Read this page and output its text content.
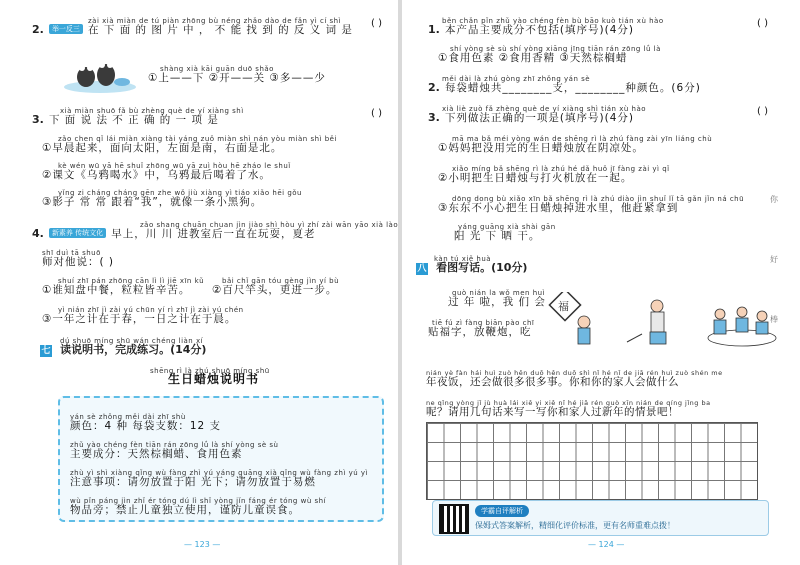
zài xià miàn de tú piàn zhōng bù néng zhǎo dào de fǎn yì cí shì
2. 举一反三 在 下 面 的 图 片 中 ， 不 能 找 到 的 反 义 词 是
( )
shàng xià kāi guān duō shǎo
①上——下 ②开——关 ③多——少
xià miàn shuō fǎ bù zhèng què de yí xiàng shì
3. 下 面 说 法 不 正 确 的 一 项 是
( )
zǎo chen qǐ lái miàn xiàng tài yáng zuǒ miàn shì nán yòu miàn shì běi
①早晨起来，面向太阳，左面是南，右面是北。
kè wén wū yā hē shuǐ zhōng wū yā zuì hòu hē zháo le shuǐ
②课文《乌鸦喝水》中，乌鸦最后喝着了水。
yǐng zi cháng cháng gēn zhe wǒ jiù xiàng yì tiáo xiǎo hēi gǒu
③影子 常 常 跟着“我”，就像一条小黑狗。
zǎo shang chuān chuan jìn jiào shì hòu yì zhí zài wān yāo xià lào
4. 新素养 传统文化 早上，川 川 进教室后一直在玩耍，夏老
shī duì tā shuō
师对他说：( )
shuí zhī pán zhōng cān lì lì jiē xīn kǔ
①谁知盘中餐，粒粒皆辛苦。
bǎi chǐ gān tóu gèng jìn yí bù
②百尺竿头，更进一步。
yì nián zhī jì zài yú chūn yí rì zhī jì zài yú chén
③一年之计在于春，一日之计在于晨。
dú shuō míng shū wán chéng liàn xí
七 读说明书，完成练习。(14分)
shēng rì là zhú shuō míng shū
生日蜡烛说明书
yán sè zhǒng měi dài zhī shù
颜色：4 种 每袋支数：12 支
zhǔ yào chéng fèn tiān rán zōng lǘ là shí yòng sè sù
主要成分：天然棕榈蜡、食用色素
zhù yì shì xiàng qǐng wù fàng zhì yú yáng guāng xià qǐng wù fàng zhì yú yì
注意事项：请勿放置于阳 光下；请勿放置于易燃
wù pǐn páng jìn zhǐ ér tóng dú lì shǐ yòng jǐn fáng ér tóng wù shí
物品旁；禁止儿童独立使用，谨防儿童误食。
— 123 —
běn chǎn pǐn zhǔ yào chéng fèn bù bāo kuò tián xù hào
1. 本产品主要成分不包括(填序号)(4分)
( )
shí yòng sè sù shí yòng xiāng jīng tiān rán zōng lǘ là
①食用色素 ②食用香精 ③天然棕榈蜡
měi dài là zhú gòng zhī zhǒng yán sè
2. 每袋蜡烛共________支，________种颜色。(6分)
xià liè zuò fǎ zhèng què de yí xiàng shì tián xù hào
3. 下列做法正确的一项是(填序号)(4分)
( )
mā ma bǎ méi yòng wán de shēng rì là zhú fàng zài yīn liáng chù
①妈妈把没用完的生日蜡烛放在阴凉处。
xiǎo míng bǎ shēng rì là zhú hé dǎ huǒ jī fàng zài yì qǐ
②小明把生日蜡烛与打火机放在一起。
dōng dong bù xiǎo xīn bǎ shēng rì là zhú diào jìn shuǐ lǐ tā gǎn jǐn ná chū
③东东不小心把生日蜡烛掉进水里，他赶紧拿到
yáng guāng xià shài gān
阳 光 下 晒 干。
kàn tú xiě huà
八 看图写话。(10分)
guò nián la wǒ men huì
过 年 啦，我 们 会
tiē fú zì fàng biān pào chī
贴福字，放鞭炮，吃
福
nián yè fàn hái huì zuò hěn duō hěn duō shì nǐ hé nǐ de jiā rén huì zuò shén me
年夜饭，还会做很多很多事。你和你的家人会做什么
ne qǐng yòng jǐ jù huà lái xiě yi xiě nǐ hé jiā rén guò xīn nián de qíng jǐng ba
呢？请用几句话来写一写你和家人过新年的情景吧！
学霸自评解析
保姆式答案解析，精细化评价标准，更有名师重难点拨！
— 124 —
你
好
棒
